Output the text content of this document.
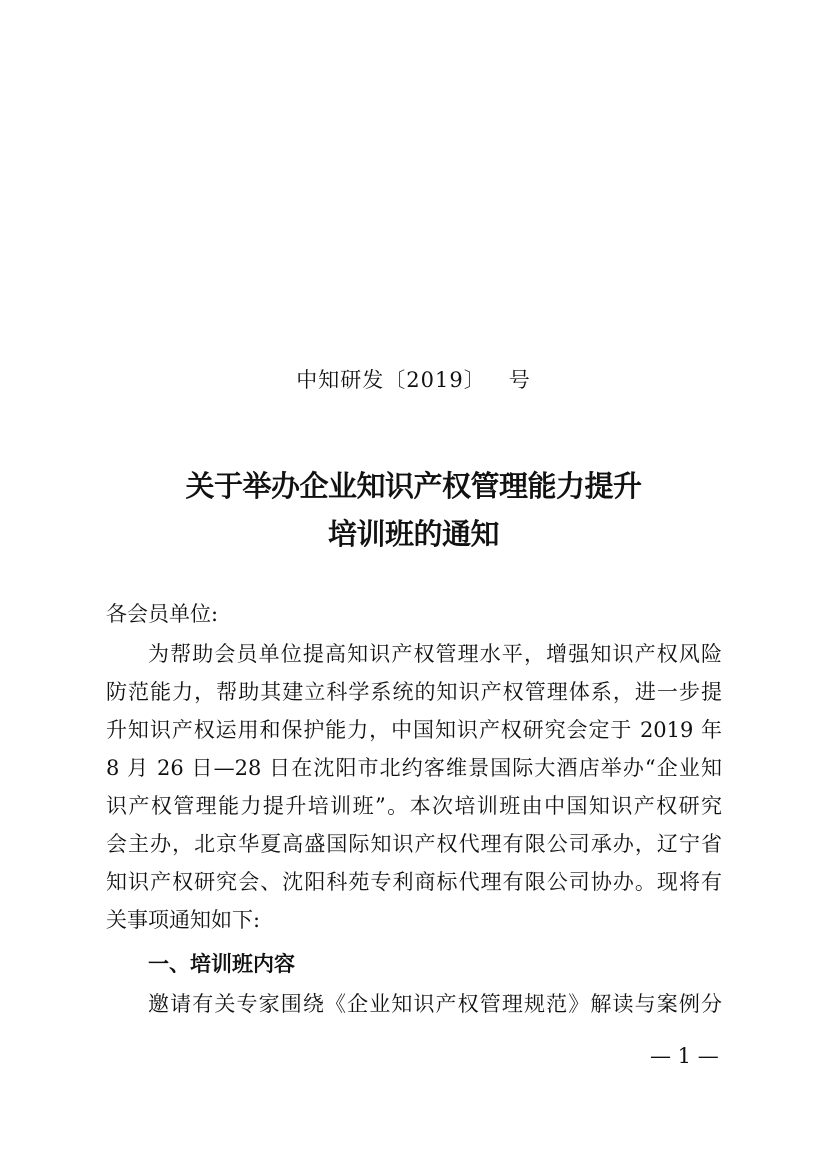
中知研发〔2019〕   号
关于举办企业知识产权管理能力提升
培训班的通知
各会员单位:
为帮助会员单位提高知识产权管理水平，增强知识产权风险
防范能力，帮助其建立科学系统的知识产权管理体系，进一步提
升知识产权运用和保护能力，中国知识产权研究会定于 2019 年
8 月 26 日—28 日在沈阳市北约客维景国际大酒店举办“企业知
识产权管理能力提升培训班”。本次培训班由中国知识产权研究
会主办，北京华夏高盛国际知识产权代理有限公司承办，辽宁省
知识产权研究会、沈阳科苑专利商标代理有限公司协办。现将有
关事项通知如下:
一、培训班内容
邀请有关专家围绕《企业知识产权管理规范》解读与案例分
— 1 —
